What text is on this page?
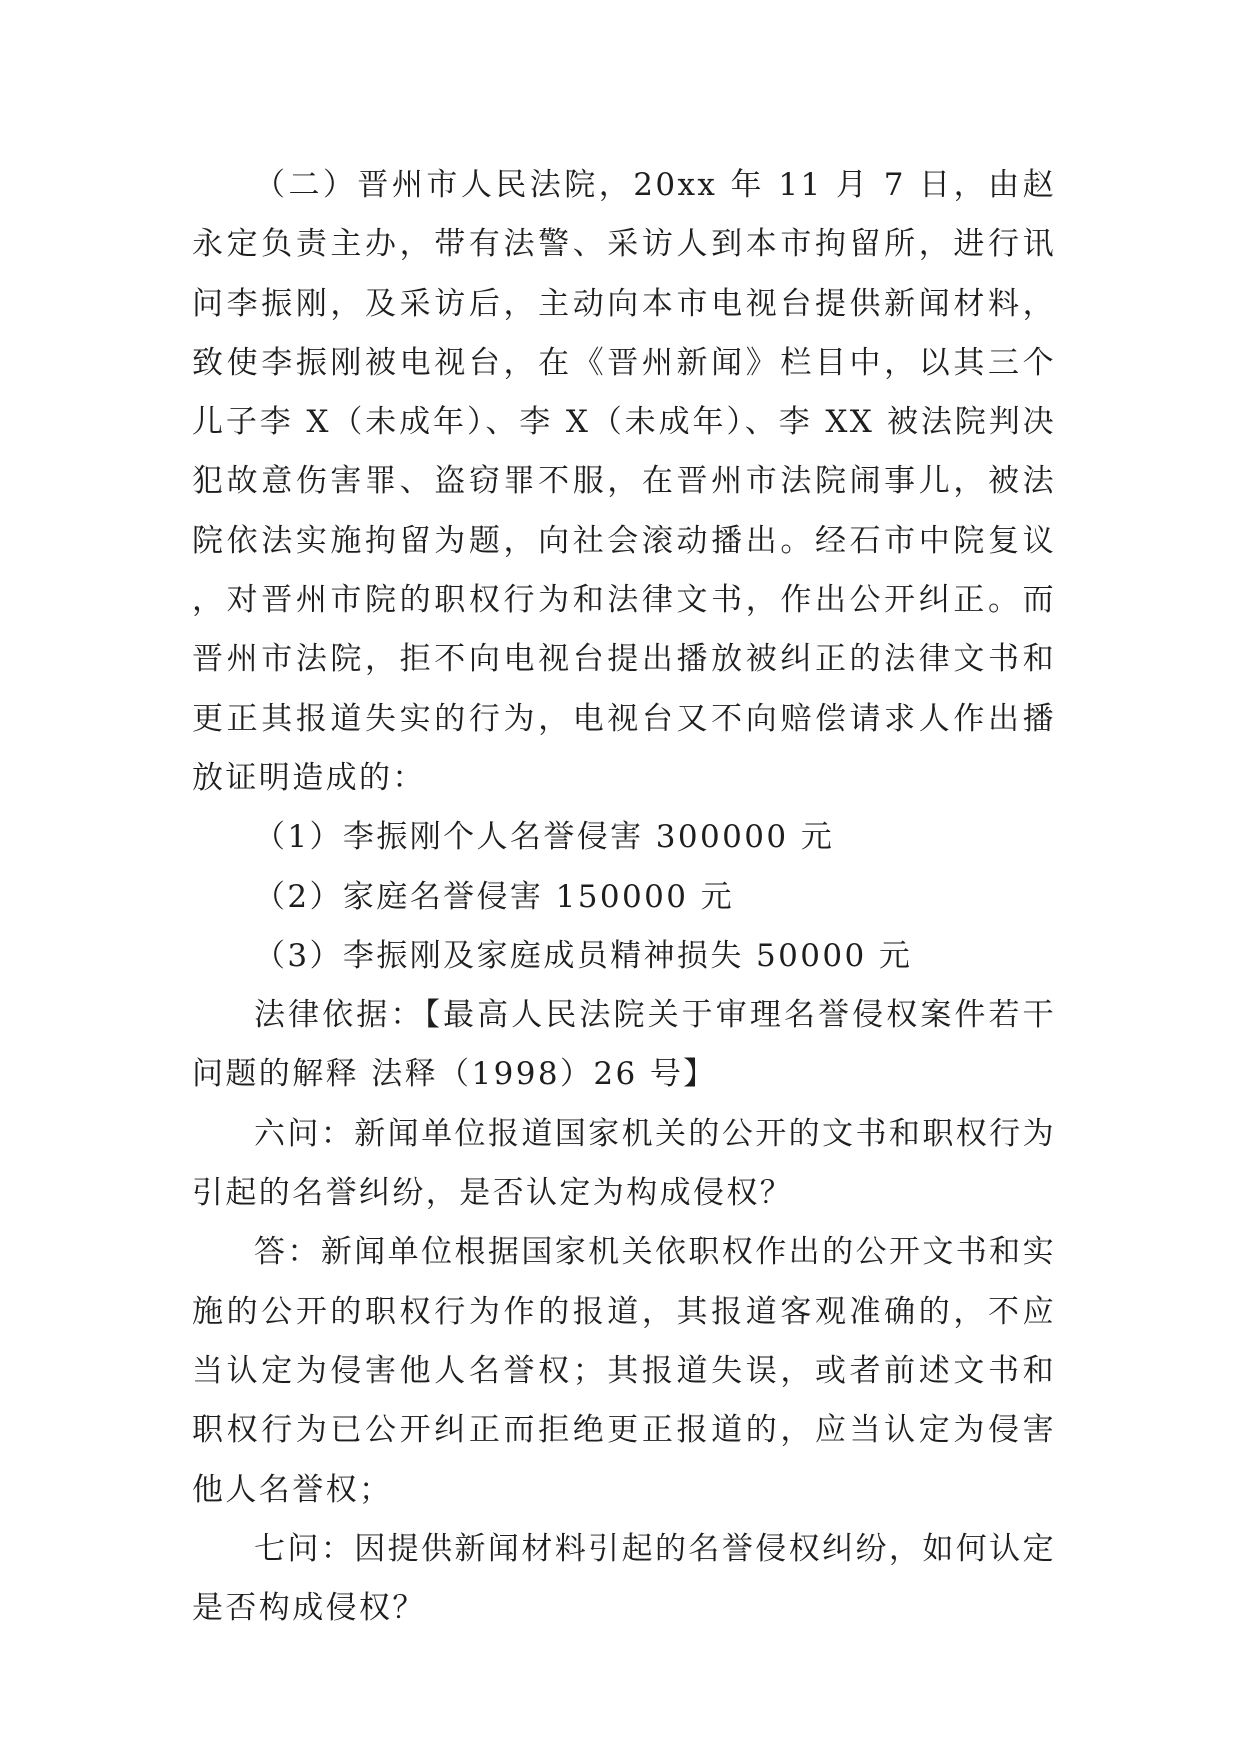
（二）晋州市人民法院，20xx 年 11 月 7 日，由赵永定负责主办，带有法警、采访人到本市拘留所，进行讯问李振刚，及采访后，主动向本市电视台提供新闻材料，致使李振刚被电视台，在《晋州新闻》栏目中，以其三个儿子李 X（未成年）、李 X（未成年）、李 XX 被法院判决犯故意伤害罪、盗窃罪不服，在晋州市法院闹事儿，被法院依法实施拘留为题，向社会滚动播出。经石市中院复议，对晋州市院的职权行为和法律文书，作出公开纠正。而晋州市法院，拒不向电视台提出播放被纠正的法律文书和更正其报道失实的行为，电视台又不向赔偿请求人作出播放证明造成的：

（1）李振刚个人名誉侵害 300000 元

（2）家庭名誉侵害 150000 元

（3）李振刚及家庭成员精神损失 50000 元

法律依据：【最高人民法院关于审理名誉侵权案件若干问题的解释 法释（1998）26 号】

六问：新闻单位报道国家机关的公开的文书和职权行为引起的名誉纠纷，是否认定为构成侵权？

答：新闻单位根据国家机关依职权作出的公开文书和实施的公开的职权行为作的报道，其报道客观准确的，不应当认定为侵害他人名誉权；其报道失误，或者前述文书和职权行为已公开纠正而拒绝更正报道的，应当认定为侵害他人名誉权；

七问：因提供新闻材料引起的名誉侵权纠纷，如何认定是否构成侵权？
